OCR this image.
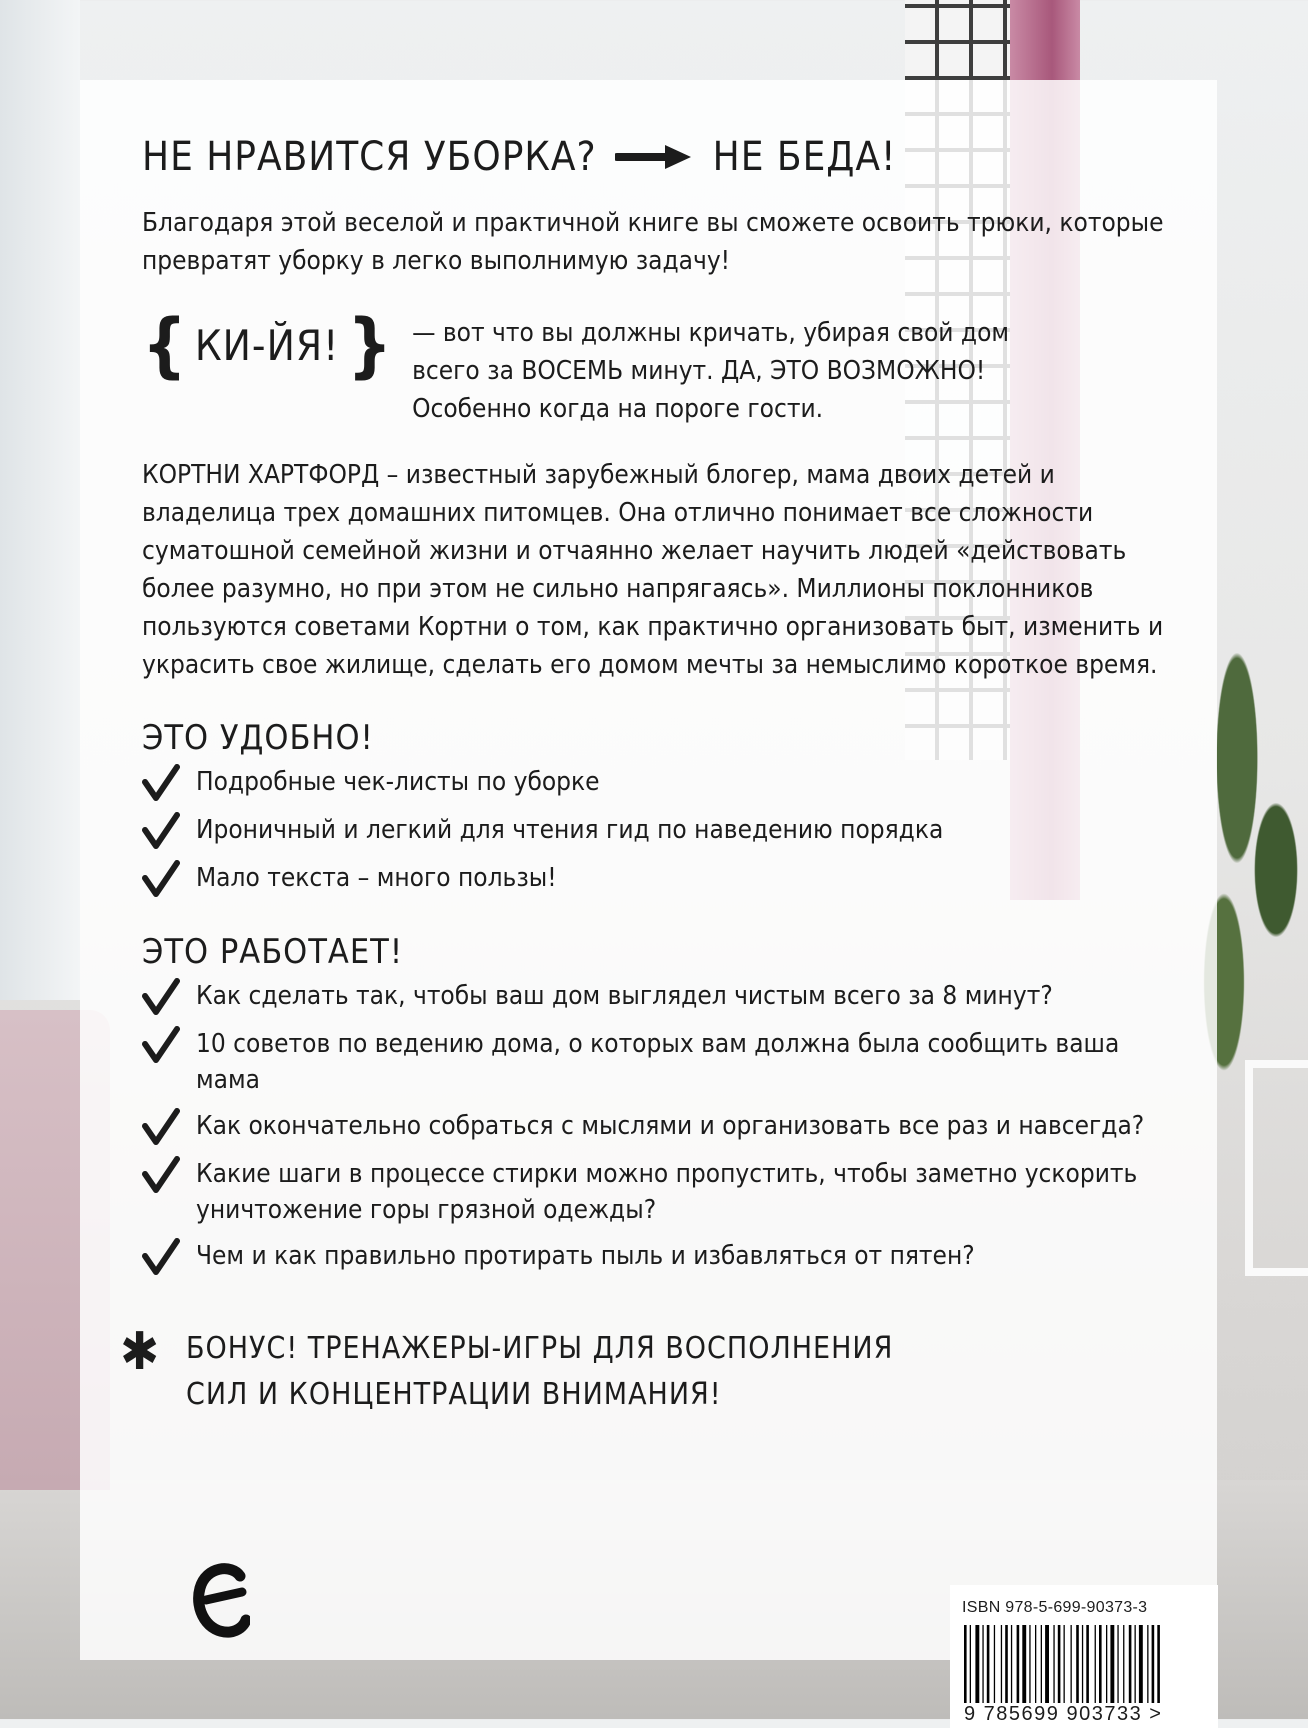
НЕ НРАВИТСЯ УБОРКА?	НЕ БЕДА!

Благодаря этой веселой и практичной книге вы сможете освоить трюки, которые превратят уборку в легко выполнимую задачу!

{ КИ-ЙЯ! } — вот что вы должны кричать, убирая свой дом

всего за ВОСЕМЬ минут. ДА, ЭТО ВОЗМОЖНО!

Особенно когда на пороге гости.

КОРТНИ ХАРТФОРД – известный зарубежный блогер, мама двоих детей и владелица трех домашних питомцев. Она отлично понимает все сложности суматошной семейной жизни и отчаянно желает научить людей «действовать более разумно, но при этом не сильно напрягаясь». Миллионы поклонников пользуются советами Кортни о том, как практично организовать быт, изменить и украсить свое жилище, сделать его домом мечты за немыслимо короткое время.

ЭТО УДОБНО!
Подробные чек-листы по уборке
Ироничный и легкий для чтения гид по наведению порядка
Мало текста – много пользы!
ЭТО РАБОТАЕТ!
Как сделать так, чтобы ваш дом выглядел чистым всего за 8 минут?
10 советов по ведению дома, о которых вам должна была сообщить ваша мама
Как окончательно собраться с мыслями и организовать все раз и навсегда?
Какие шаги в процессе стирки можно пропустить, чтобы заметно ускорить уничтожение горы грязной одежды?
Чем и как правильно протирать пыль и избавляться от пятен?
✱ БОНУС! ТРЕНАЖЕРЫ-ИГРЫ ДЛЯ ВОСПОЛНЕНИЯ
СИЛ И КОНЦЕНТРАЦИИ ВНИМАНИЯ!
ISBN 978-5-699-90373-3
9 785699 903733 >
